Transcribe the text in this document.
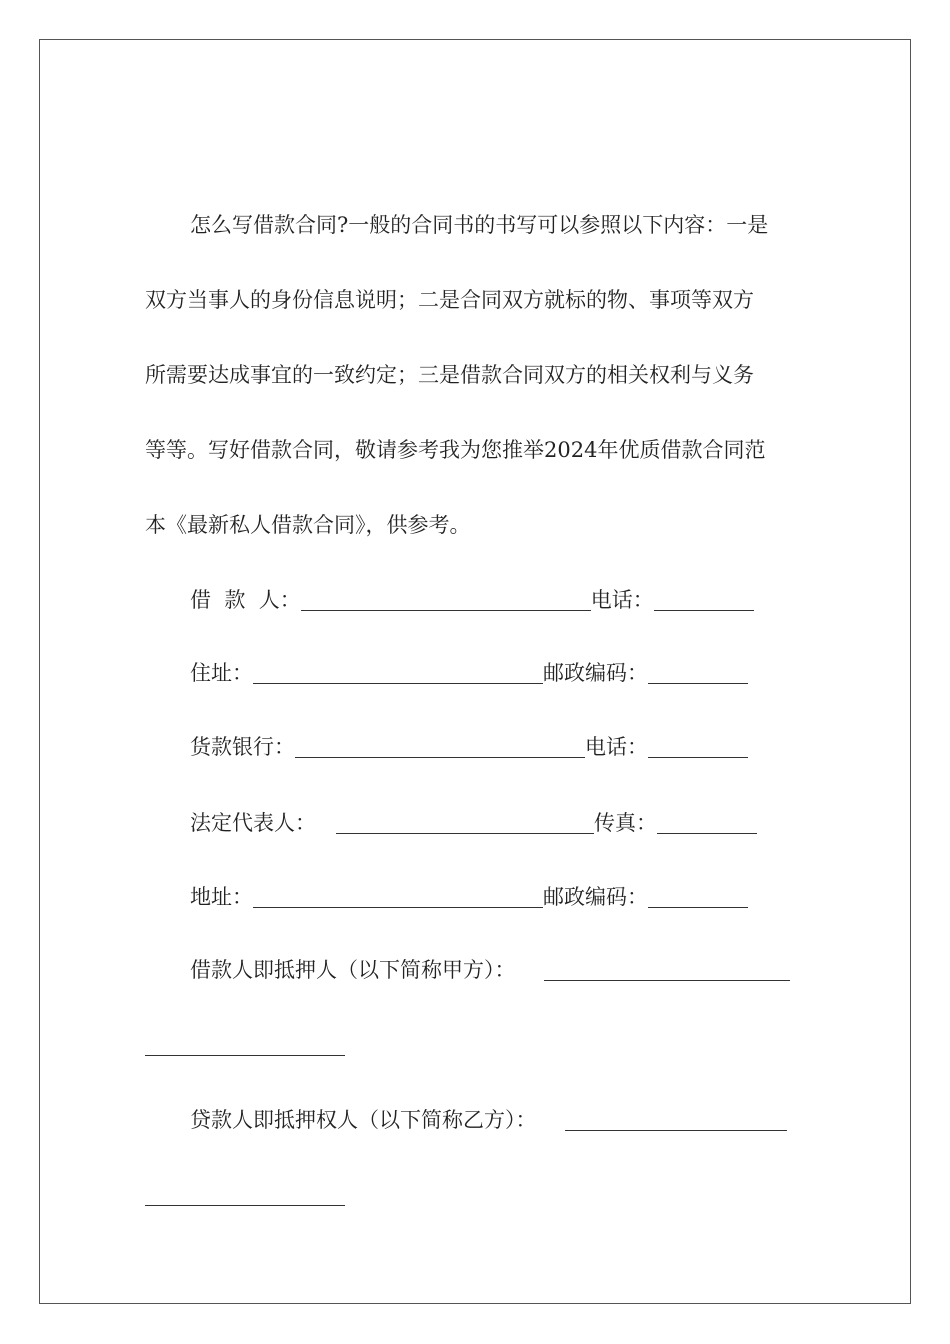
怎么写借款合同?一般的合同书的书写可以参照以下内容：一是
双方当事人的身份信息说明；二是合同双方就标的物、事项等双方
所需要达成事宜的一致约定；三是借款合同双方的相关权利与义务
等等。写好借款合同，敬请参考我为您推举2024年优质借款合同范
本《最新私人借款合同》，供参考。
借  款  人：	电话：
住址：	邮政编码：
货款银行：	电话：
法定代表人：	传真：
地址：	邮政编码：
借款人即抵押人（以下简称甲方）：
贷款人即抵押权人（以下简称乙方）：
